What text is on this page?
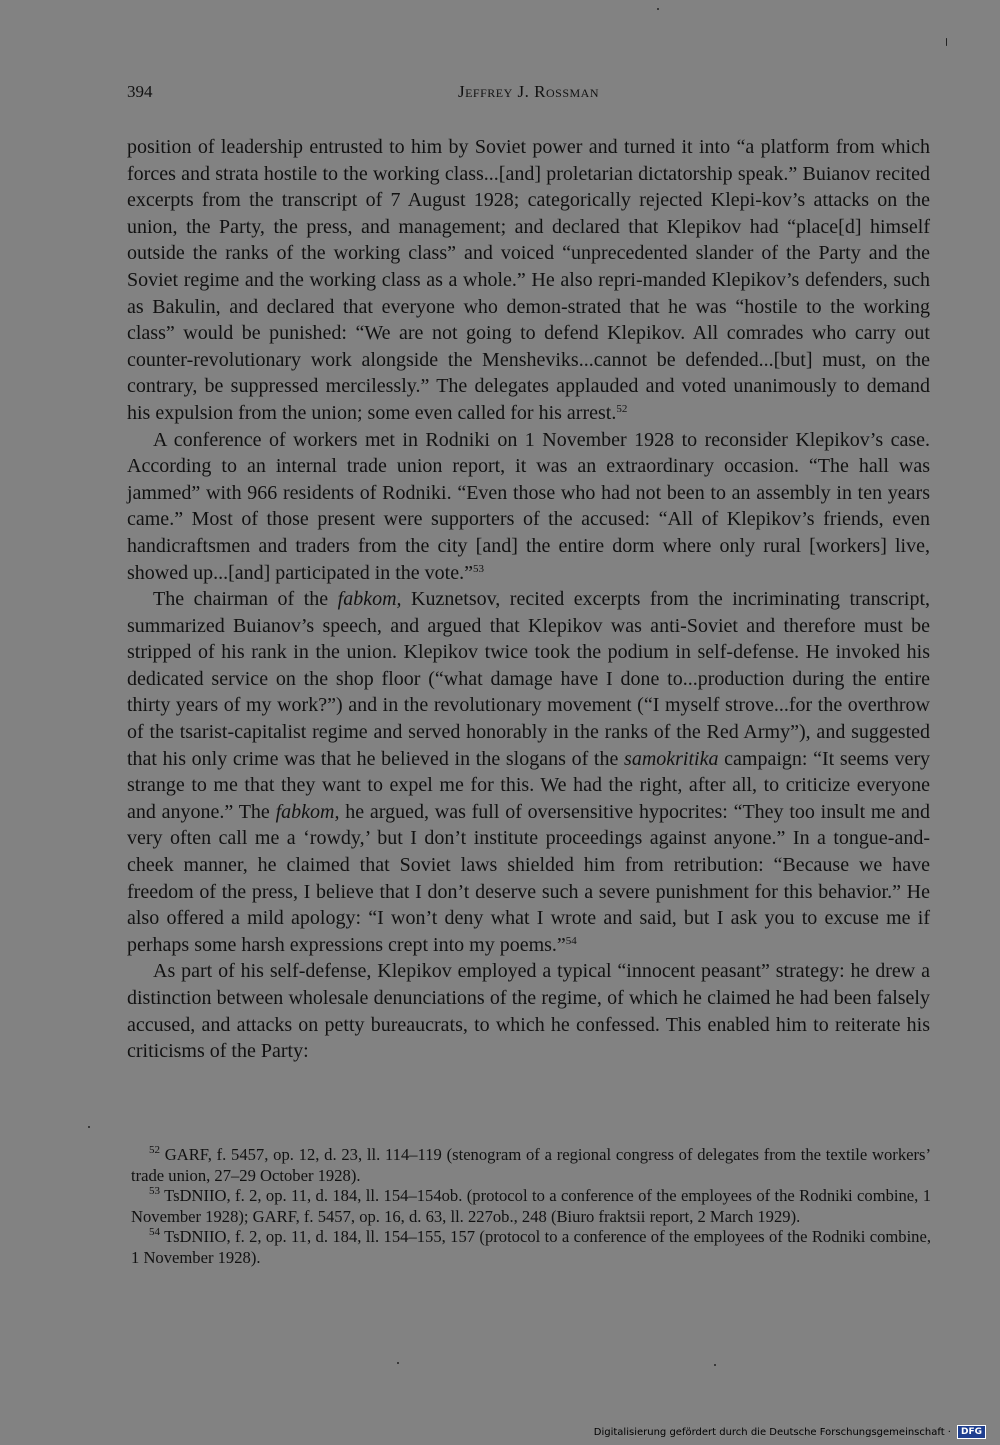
394	Jeffrey J. Rossman

position of leadership entrusted to him by Soviet power and turned it into “a platform from which forces and strata hostile to the working class...[and] proletarian dictatorship speak.” Buianov recited excerpts from the transcript of 7 August 1928; categorically rejected Klepi-kov’s attacks on the union, the Party, the press, and management; and declared that Klepikov had “place[d] himself outside the ranks of the working class” and voiced “unprecedented slander of the Party and the Soviet regime and the working class as a whole.” He also repri-manded Klepikov’s defenders, such as Bakulin, and declared that everyone who demon-strated that he was “hostile to the working class” would be punished: “We are not going to defend Klepikov. All comrades who carry out counter-revolutionary work alongside the Mensheviks...cannot be defended...[but] must, on the contrary, be suppressed mercilessly.” The delegates applauded and voted unanimously to demand his expulsion from the union; some even called for his arrest.$^{52}$

A conference of workers met in Rodniki on 1 November 1928 to reconsider Klepikov’s case. According to an internal trade union report, it was an extraordinary occasion. “The hall was jammed” with 966 residents of Rodniki. “Even those who had not been to an assembly in ten years came.” Most of those present were supporters of the accused: “All of Klepikov’s friends, even handicraftsmen and traders from the city [and] the entire dorm where only rural [workers] live, showed up...[and] participated in the vote.”$^{53}$

The chairman of the fabkom, Kuznetsov, recited excerpts from the incriminating transcript, summarized Buianov’s speech, and argued that Klepikov was anti-Soviet and therefore must be stripped of his rank in the union. Klepikov twice took the podium in self-defense. He invoked his dedicated service on the shop floor (“what damage have I done to...production during the entire thirty years of my work?”) and in the revolutionary movement (“I myself strove...for the overthrow of the tsarist-capitalist regime and served honorably in the ranks of the Red Army”), and suggested that his only crime was that he believed in the slogans of the samokritika campaign: “It seems very strange to me that they want to expel me for this. We had the right, after all, to criticize everyone and anyone.” The fabkom, he argued, was full of oversensitive hypocrites: “They too insult me and very often call me a ‘rowdy,’ but I don’t institute proceedings against anyone.” In a tongue-and-cheek manner, he claimed that Soviet laws shielded him from retribution: “Because we have freedom of the press, I believe that I don’t deserve such a severe punishment for this behavior.” He also offered a mild apology: “I won’t deny what I wrote and said, but I ask you to excuse me if perhaps some harsh expressions crept into my poems.”$^{54}$

As part of his self-defense, Klepikov employed a typical “innocent peasant” strategy: he drew a distinction between wholesale denunciations of the regime, of which he claimed he had been falsely accused, and attacks on petty bureaucrats, to which he confessed. This enabled him to reiterate his criticisms of the Party:

$^{52}$ GARF, f. 5457, op. 12, d. 23, ll. 114–119 (stenogram of a regional congress of delegates from the textile workers’ trade union, 27–29 October 1928).

$^{53}$ TsDNIIO, f. 2, op. 11, d. 184, ll. 154–154ob. (protocol to a conference of the employees of the Rodniki combine, 1 November 1928); GARF, f. 5457, op. 16, d. 63, ll. 227ob., 248 (Biuro fraktsii report, 2 March 1929).

$^{54}$ TsDNIIO, f. 2, op. 11, d. 184, ll. 154–155, 157 (protocol to a conference of the employees of the Rodniki combine, 1 November 1928).

Digitalisierung gefördert durch die Deutsche Forschungsgemeinschaft ·	DFG
